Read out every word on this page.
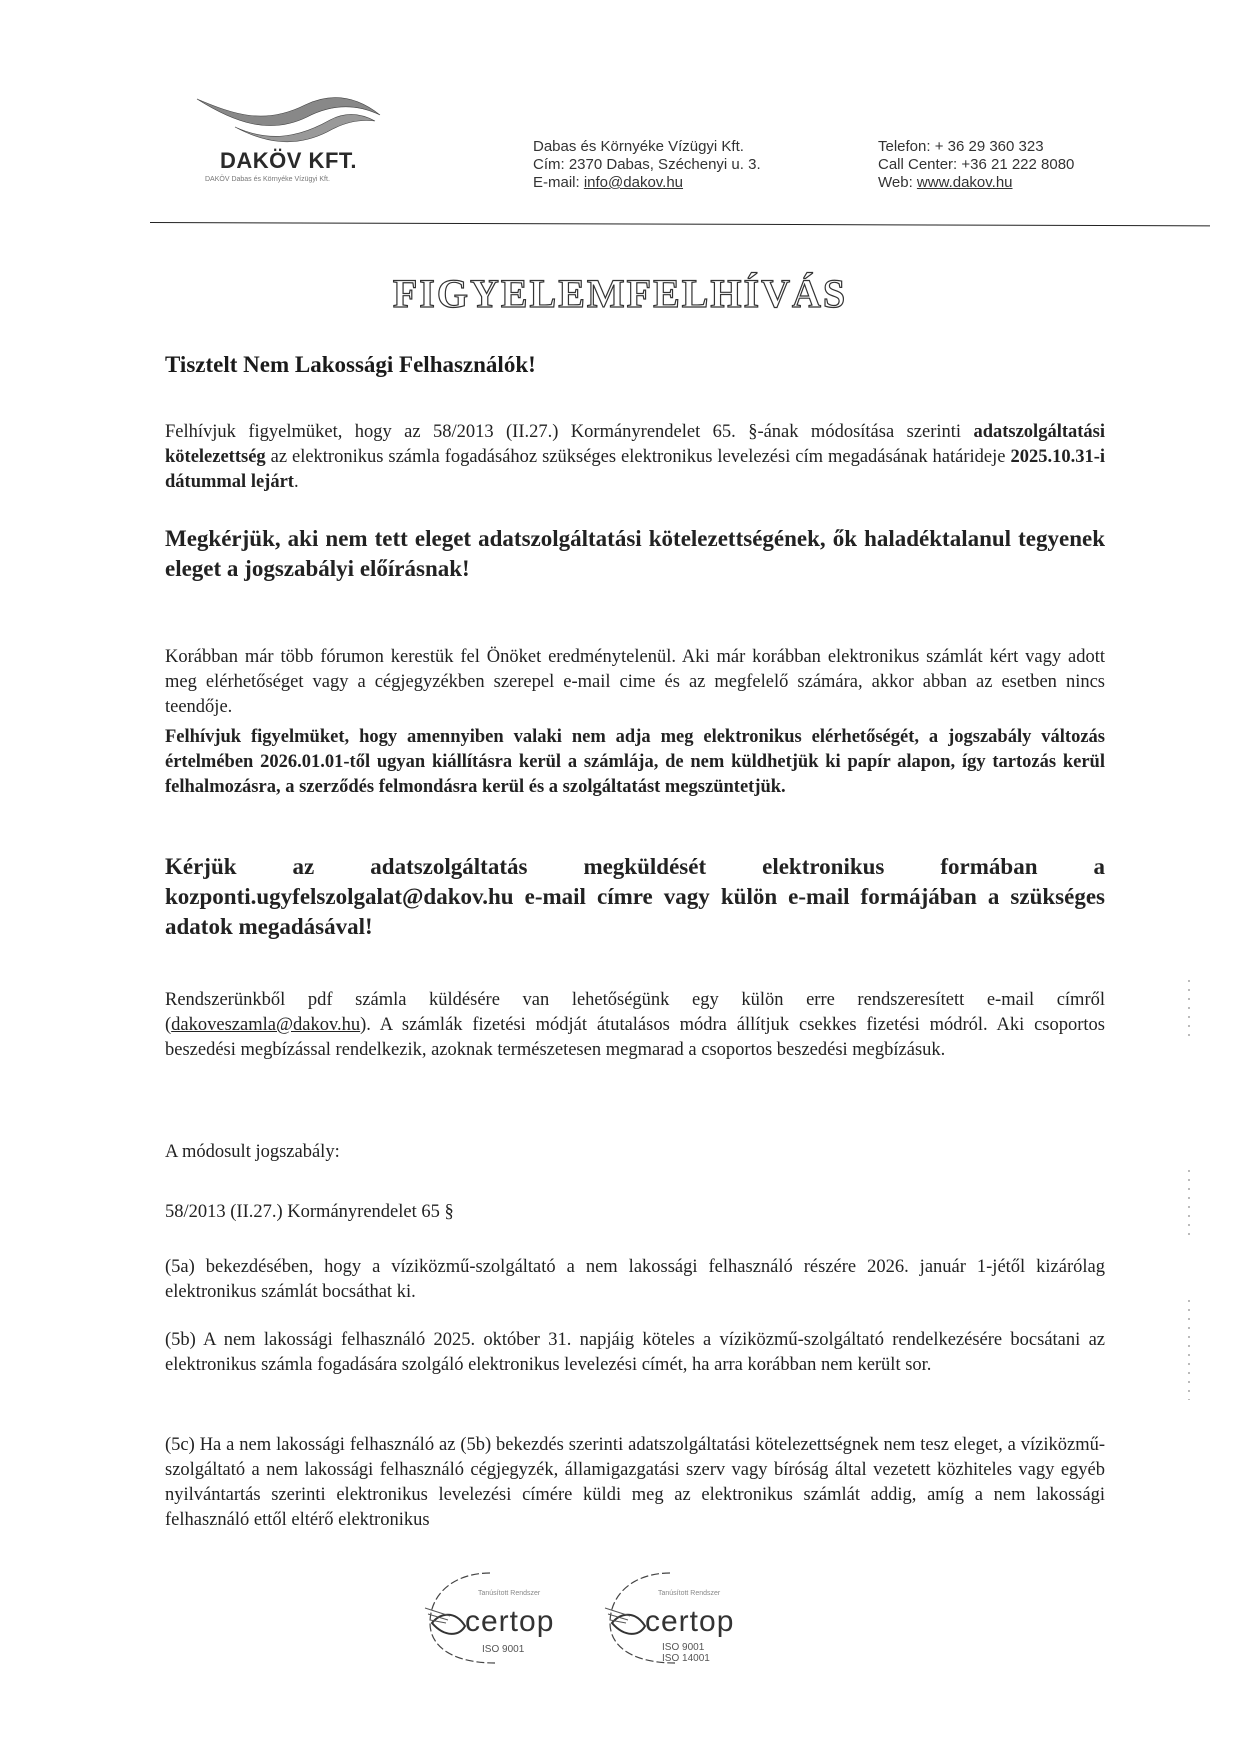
DAKÖV KFT.
DAKÖV Dabas és Környéke Vízügyi Kft.
Dabas és Környéke Vízügyi Kft.
Cím: 2370 Dabas, Széchenyi u. 3.
E-mail: info@dakov.hu
Telefon: + 36 29 360 323
Call Center: +36 21 222 8080
Web: www.dakov.hu
FIGYELEMFELHÍVÁS
Tisztelt Nem Lakossági Felhasználók!
Felhívjuk figyelmüket, hogy az 58/2013 (II.27.) Kormányrendelet 65. §-ának módosítása szerinti adatszolgáltatási kötelezettség az elektronikus számla fogadásához szükséges elektronikus levelezési cím megadásának határideje 2025.10.31-i dátummal lejárt.
Megkérjük, aki nem tett eleget adatszolgáltatási kötelezettségének, ők haladéktalanul tegyenek eleget a jogszabályi előírásnak!
Korábban már több fórumon kerestük fel Önöket eredménytelenül. Aki már korábban elektronikus számlát kért vagy adott meg elérhetőséget vagy a cégjegyzékben szerepel e-mail cime és az megfelelő számára, akkor abban az esetben nincs teendője.
Felhívjuk figyelmüket, hogy amennyiben valaki nem adja meg elektronikus elérhetőségét, a jogszabály változás értelmében 2026.01.01-től ugyan kiállításra kerül a számlája, de nem küldhetjük ki papír alapon, így tartozás kerül felhalmozásra, a szerződés felmondásra kerül és a szolgáltatást megszüntetjük.
Kérjük az adatszolgáltatás megküldését elektronikus formában a kozponti.ugyfelszolgalat@dakov.hu e-mail címre vagy külön e-mail formájában a szükséges adatok megadásával!
Rendszerünkből pdf számla küldésére van lehetőségünk egy külön erre rendszeresített e-mail címről (dakoveszamla@dakov.hu). A számlák fizetési módját átutalásos módra állítjuk csekkes fizetési módról. Aki csoportos beszedési megbízással rendelkezik, azoknak természetesen megmarad a csoportos beszedési megbízásuk.
A módosult jogszabály:
58/2013 (II.27.) Kormányrendelet 65 §
(5a) bekezdésében, hogy a víziközmű-szolgáltató a nem lakossági felhasználó részére 2026. január 1-jétől kizárólag elektronikus számlát bocsáthat ki.
(5b) A nem lakossági felhasználó 2025. október 31. napjáig köteles a víziközmű-szolgáltató rendelkezésére bocsátani az elektronikus számla fogadására szolgáló elektronikus levelezési címét, ha arra korábban nem került sor.
(5c) Ha a nem lakossági felhasználó az (5b) bekezdés szerinti adatszolgáltatási kötelezettségnek nem tesz eleget, a víziközmű-szolgáltató a nem lakossági felhasználó cégjegyzék, államigazgatási szerv vagy bíróság által vezetett közhiteles vagy egyéb nyilvántartás szerinti elektronikus levelezési címére küldi meg az elektronikus számlát addig, amíg a nem lakossági felhasználó ettől eltérő elektronikus
Tanúsított Rendszer
certop
ISO 9001
Tanúsított Rendszer
certop
ISO 9001
ISO 14001
